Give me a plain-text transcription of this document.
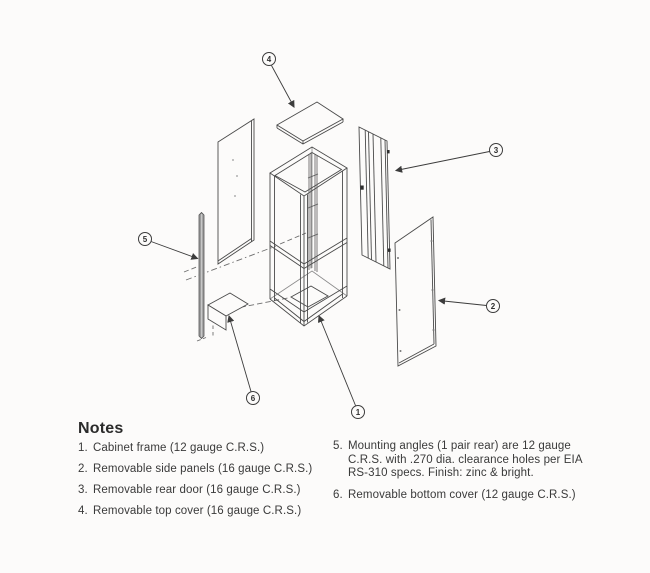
4
3
5
2
6
1
Notes
1. Cabinet frame (12 gauge C.R.S.)
2. Removable side panels (16 gauge C.R.S.)
3. Removable rear door (16 gauge C.R.S.)
4. Removable top cover (16 gauge C.R.S.)
5. Mounting angles (1 pair rear) are 12 gauge C.R.S. with .270 dia. clearance holes per EIA RS-310 specs. Finish: zinc & bright.
6. Removable bottom cover (12 gauge C.R.S.)
